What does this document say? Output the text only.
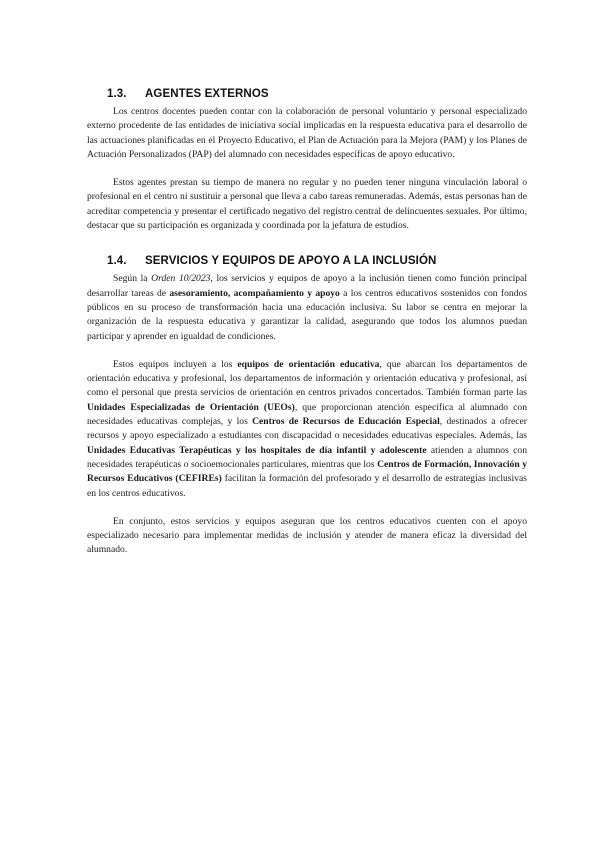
1.3. AGENTES EXTERNOS

Los centros docentes pueden contar con la colaboración de personal voluntario y personal especializado externo procedente de las entidades de iniciativa social implicadas en la respuesta educativa para el desarrollo de las actuaciones planificadas en el Proyecto Educativo, el Plan de Actuación para la Mejora (PAM) y los Planes de Actuación Personalizados (PAP) del alumnado con necesidades específicas de apoyo educativo.

Estos agentes prestan su tiempo de manera no regular y no pueden tener ninguna vinculación laboral o profesional en el centro ni sustituir a personal que lleva a cabo tareas remuneradas. Además, estas personas han de acreditar competencia y presentar el certificado negativo del registro central de delincuentes sexuales. Por último, destacar que su participación es organizada y coordinada por la jefatura de estudios.

1.4. SERVICIOS Y EQUIPOS DE APOYO A LA INCLUSIÓN

Según la Orden 10/2023, los servicios y equipos de apoyo a la inclusión tienen como función principal desarrollar tareas de asesoramiento, acompañamiento y apoyo a los centros educativos sostenidos con fondos públicos en su proceso de transformación hacia una educación inclusiva. Su labor se centra en mejorar la organización de la respuesta educativa y garantizar la calidad, asegurando que todos los alumnos puedan participar y aprender en igualdad de condiciones.

Estos equipos incluyen a los equipos de orientación educativa, que abarcan los departamentos de orientación educativa y profesional, los departamentos de información y orientación educativa y profesional, así como el personal que presta servicios de orientación en centros privados concertados. También forman parte las Unidades Especializadas de Orientación (UEOs), que proporcionan atención específica al alumnado con necesidades educativas complejas, y los Centros de Recursos de Educación Especial, destinados a ofrecer recursos y apoyo especializado a estudiantes con discapacidad o necesidades educativas especiales. Además, las Unidades Educativas Terapéuticas y los hospitales de día infantil y adolescente atienden a alumnos con necesidades terapéuticas o socioemocionales particulares, mientras que los Centros de Formación, Innovación y Recursos Educativos (CEFIREs) facilitan la formación del profesorado y el desarrollo de estrategias inclusivas en los centros educativos.

En conjunto, estos servicios y equipos aseguran que los centros educativos cuenten con el apoyo especializado necesario para implementar medidas de inclusión y atender de manera eficaz la diversidad del alumnado.
